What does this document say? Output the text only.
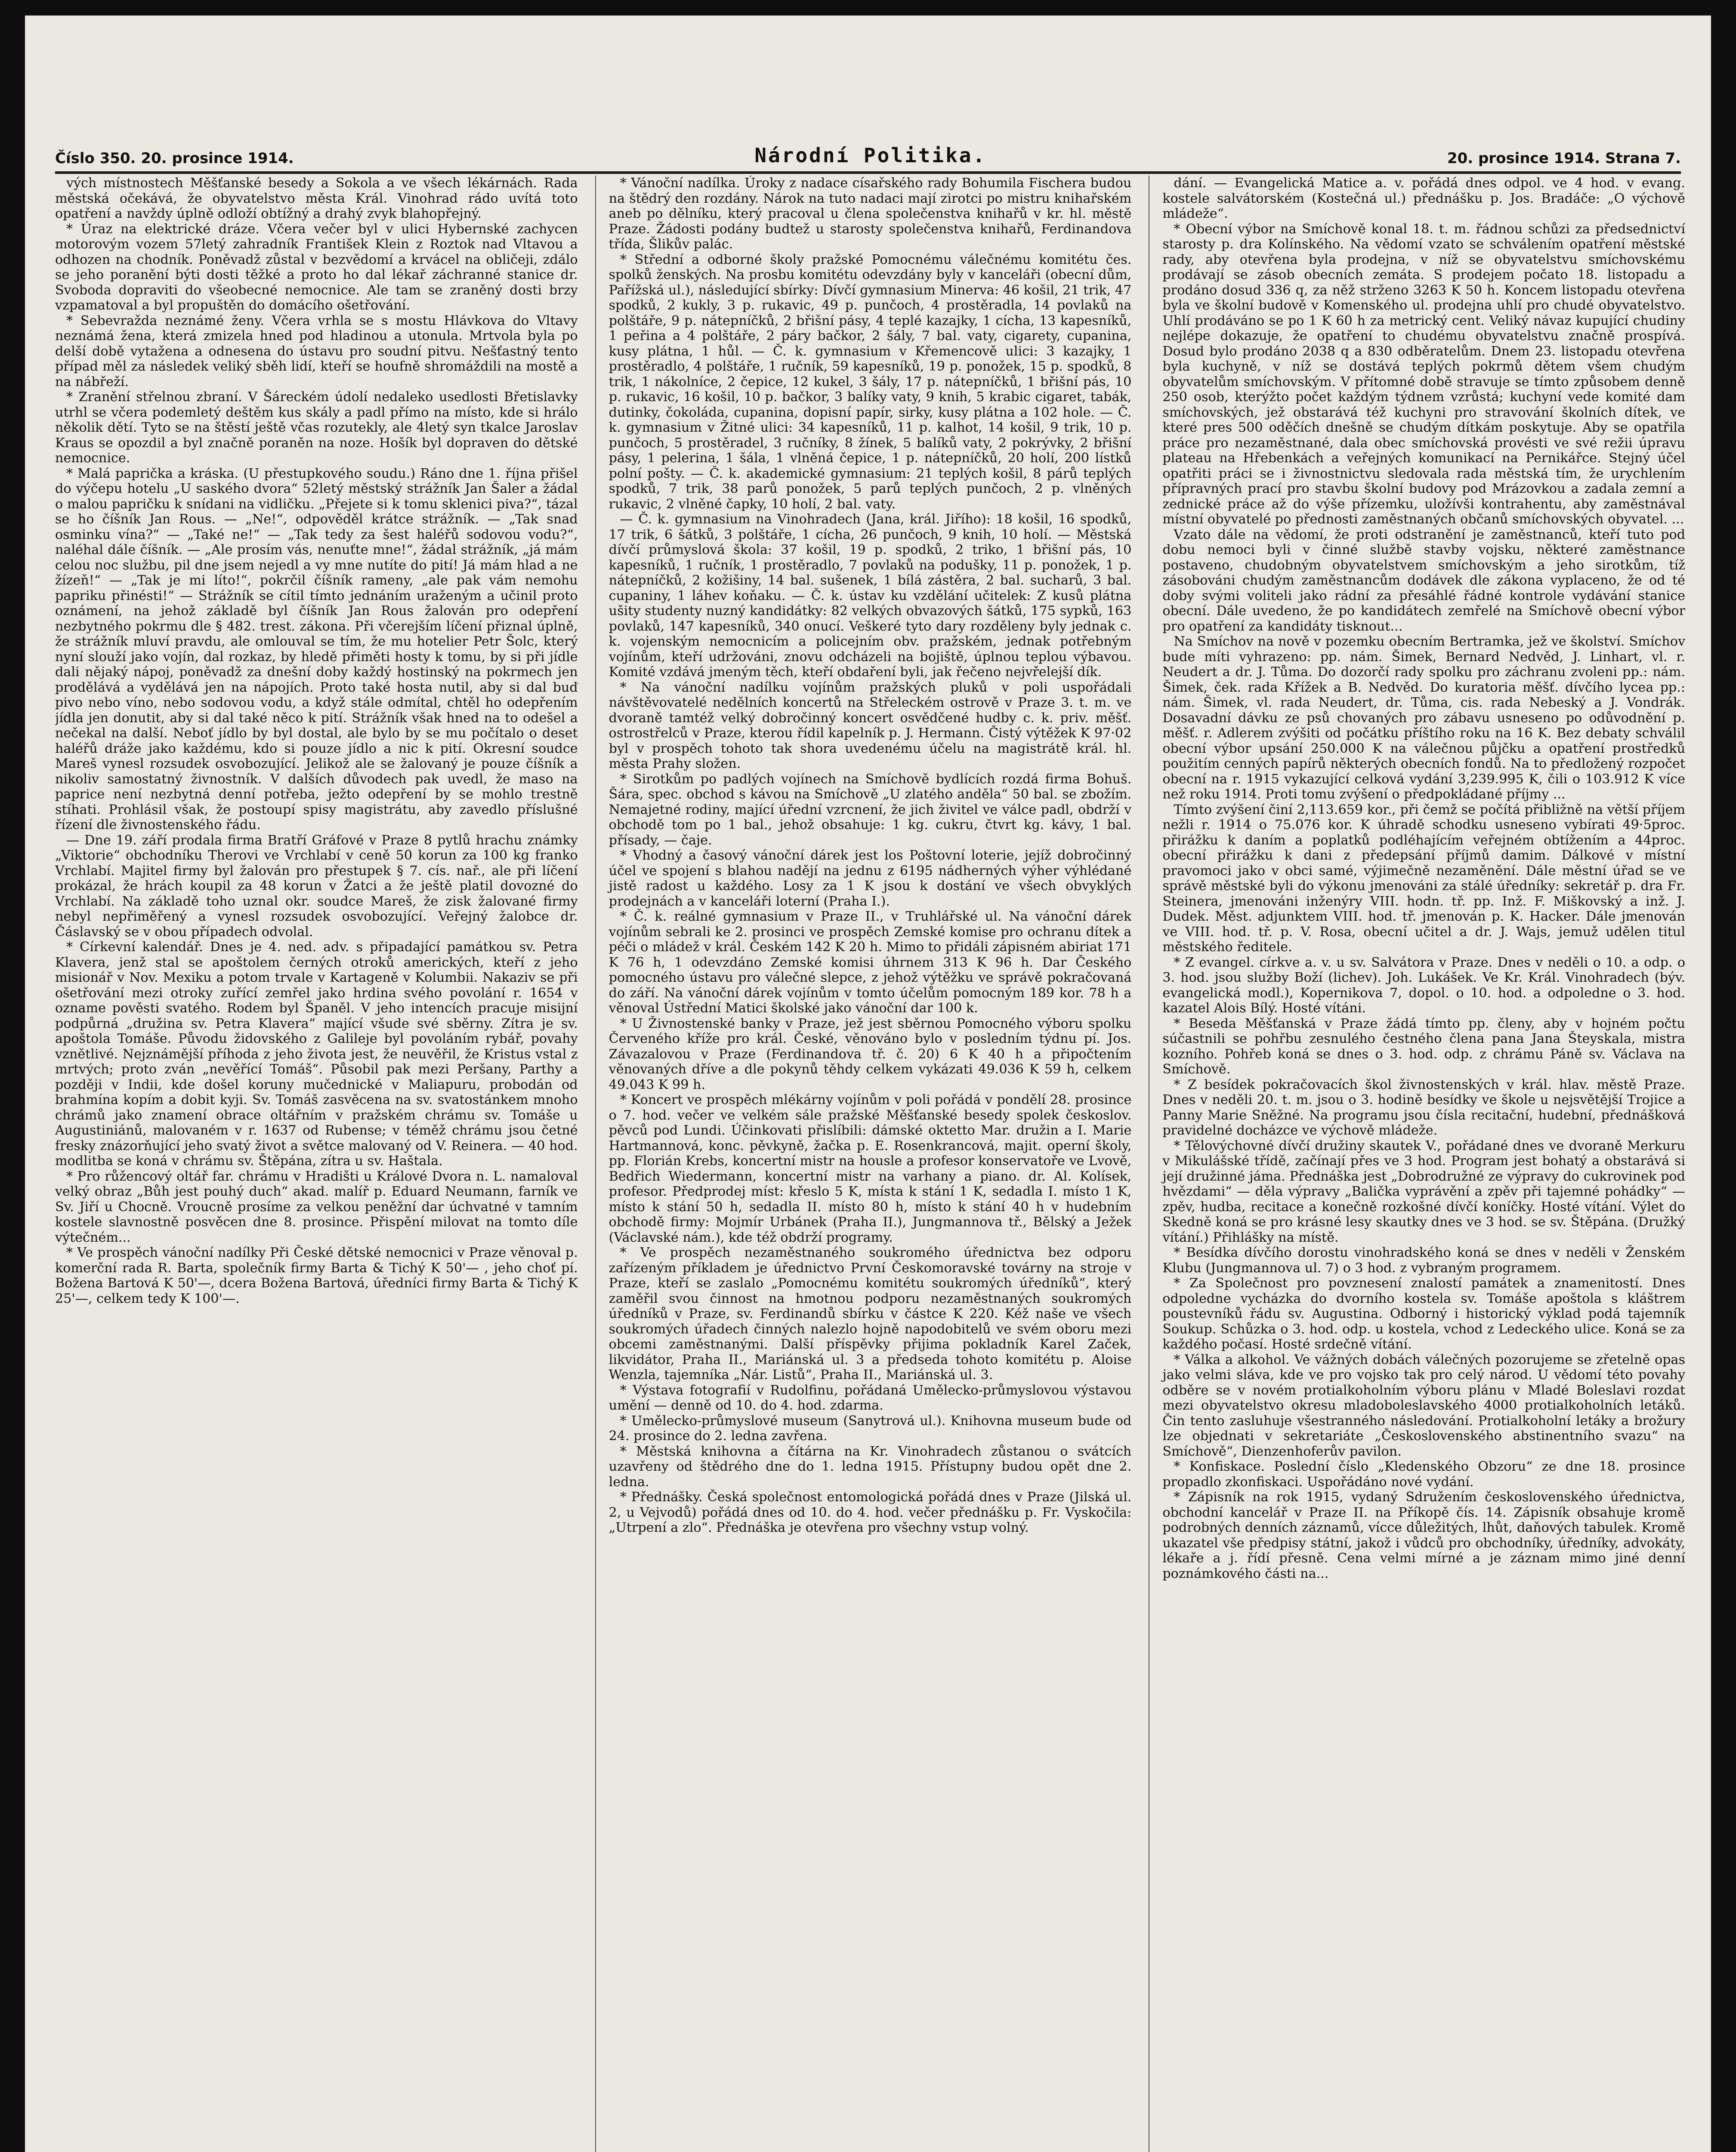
Číslo 350. 20. prosince 1914.	Národní Politika.	20. prosince 1914. Strana 7.

vých místnostech Měšťanské besedy a Sokola a ve všech lékárnách. Rada městská očekává, že obyvatelstvo města Král. Vinohrad rádo uvítá toto opatření a navždy úplně odloží obtížný a drahý zvyk blahopřejný.

* Úraz na elektrické dráze. Včera večer byl v ulici Hybernské zachycen motorovým vozem 57letý zahradník František Klein z Roztok nad Vltavou a odhozen na chodník. Poněvadž zůstal v bezvědomí a krvácel na obličeji, zdálo se jeho poranění býti dosti těžké a proto ho dal lékař záchranné stanice dr. Svoboda dopraviti do všeobecné nemocnice. Ale tam se zraněný dosti brzy vzpamatoval a byl propuštěn do domácího ošetřování.

* Sebevražda neznámé ženy. Včera vrhla se s mostu Hlávkova do Vltavy neznámá žena, která zmizela hned pod hladinou a utonula. Mrtvola byla po delší době vytažena a odnesena do ústavu pro soudní pitvu. Nešťastný tento případ měl za následek veliký sběh lidí, kteří se houfně shromáždili na mostě a na nábřeží.

* Zranění střelnou zbraní. V Šáreckém údolí nedaleko usedlosti Břetislavky utrhl se včera podemletý deštěm kus skály a padl přímo na místo, kde si hrálo několik dětí. Tyto se na štěstí ještě včas rozutekly, ale 4letý syn tkalce Jaroslav Kraus se opozdil a byl značně poraněn na noze. Hošík byl dopraven do dětské nemocnice.

* Malá paprička a kráska. (U přestupkového soudu.) Ráno dne 1. října přišel do výčepu hotelu „U saského dvora“ 52letý městský strážník Jan Šaler a žádal o malou papričku k snídani na vidličku. „Přejete si k tomu sklenici piva?“, tázal se ho číšník Jan Rous. — „Ne!“, odpověděl krátce strážník. — „Tak snad osminku vína?“ — „Také ne!“ — „Tak tedy za šest haléřů sodovou vodu?“, naléhal dále číšník. — „Ale prosím vás, nenuťte mne!“, žádal strážník, „já mám celou noc službu, pil dne jsem nejedl a vy mne nutíte do pití! Já mám hlad a ne žízeň!“ — „Tak je mi líto!“, pokrčil číšník rameny, „ale pak vám nemohu papriku přinésti!“ — Strážník se cítil tímto jednáním uraženým a učinil proto oznámení, na jehož základě byl číšník Jan Rous žalován pro odepření nezbytného pokrmu dle § 482. trest. zákona. Při včerejším líčení přiznal úplně, že strážník mluví pravdu, ale omlouval se tím, že mu hotelier Petr Šolc, který nyní slouží jako vojín, dal rozkaz, by hledě přiměti hosty k tomu, by si při jídle dali nějaký nápoj, poněvadž za dnešní doby každý hostinský na pokrmech jen prodělává a vydělává jen na nápojích. Proto také hosta nutil, aby si dal buď pivo nebo víno, nebo sodovou vodu, a když stále odmítal, chtěl ho odepřením jídla jen donutit, aby si dal také něco k pití. Strážník však hned na to odešel a nečekal na další. Neboť jídlo by byl dostal, ale bylo by se mu počítalo o deset haléřů dráže jako každému, kdo si pouze jídlo a nic k pití. Okresní soudce Mareš vynesl rozsudek osvobozující. Jelikož ale se žalovaný je pouze číšník a nikoliv samostatný živnostník. V dalších důvodech pak uvedl, že maso na paprice není nezbytná denní potřeba, ježto odepření by se mohlo trestně stíhati. Prohlásil však, že postoupí spisy magistrátu, aby zavedlo příslušné řízení dle živnostenského řádu.

— Dne 19. září prodala firma Bratří Gráfové v Praze 8 pytlů hrachu známky „Viktorie“ obchodníku Therovi ve Vrchlabí v ceně 50 korun za 100 kg franko Vrchlabí. Majitel firmy byl žalován pro přestupek § 7. cís. nař., ale při líčení prokázal, že hrách koupil za 48 korun v Žatci a že ještě platil dovozné do Vrchlabí. Na základě toho uznal okr. soudce Mareš, že zisk žalované firmy nebyl nepřiměřený a vynesl rozsudek osvobozující. Veřejný žalobce dr. Čáslavský se v obou případech odvolal.

* Církevní kalendář. Dnes je 4. ned. adv. s připadající památkou sv. Petra Klavera, jenž stal se apoštolem černých otroků amerických, kteří z jeho misionář v Nov. Mexiku a potom trvale v Kartageně v Kolumbii. Nakaziv se při ošetřování mezi otroky zuřící zemřel jako hrdina svého povolání r. 1654 v ozname pověsti svatého. Rodem byl Španěl. V jeho intencích pracuje misijní podpůrná „družina sv. Petra Klavera“ mající všude své sběrny. Zítra je sv. apoštola Tomáše. Původu židovského z Galileje byl povoláním rybář, povahy vznětlivé. Nejznámější příhoda z jeho života jest, že neuvěřil, že Kristus vstal z mrtvých; proto zván „nevěřící Tomáš“. Působil pak mezi Peršany, Parthy a později v Indii, kde došel koruny mučednické v Maliapuru, probodán od brahmína kopím a dobit kyji. Sv. Tomáš zasvěcena na sv. svatostánkem mnoho chrámů jako znamení obrace oltářním v pražském chrámu sv. Tomáše u Augustiniánů, malovaném v r. 1637 od Rubense; v téměž chrámu jsou četné fresky znázorňující jeho svatý život a světce malovaný od V. Reinera. — 40 hod. modlitba se koná v chrámu sv. Štěpána, zítra u sv. Haštala.

* Pro růžencový oltář far. chrámu v Hradišti u Králové Dvora n. L. namaloval velký obraz „Bůh jest pouhý duch“ akad. malíř p. Eduard Neumann, farník ve Sv. Jiří u Chocně. Vroucně prosíme za velkou peněžní dar úchvatné v tamním kostele slavnostně posvěcen dne 8. prosince. Přispění milovat na tomto díle výtečném...

* Ve prospěch vánoční nadílky Při České dětské nemocnici v Praze věnoval p. komerční rada R. Barta, společník firmy Barta & Tichý K 50'— , jeho choť pí. Božena Bartová K 50'—, dcera Božena Bartová, úředníci firmy Barta & Tichý K 25'—, celkem tedy K 100'—.

* Vánoční nadílka. Úroky z nadace císařského rady Bohumila Fischera budou na štědrý den rozdány. Nárok na tuto nadaci mají zirotci po mistru knihařském aneb po dělníku, který pracoval u člena společenstva knihařů v kr. hl. městě Praze. Žádosti podány budtež u starosty společenstva knihařů, Ferdinandova třída, Šlikův palác.

* Střední a odborné školy pražské Pomocnému válečnému komitétu čes. spolků ženských. Na prosbu komitétu odevzdány byly v kanceláři (obecní dům, Pařížská ul.), následující sbírky: Dívčí gymnasium Minerva: 46 košil, 21 trik, 47 spodků, 2 kukly, 3 p. rukavic, 49 p. punčoch, 4 prostěradla, 14 povlaků na polštáře, 9 p. nátepníčků, 2 břišní pásy, 4 teplé kazajky, 1 cícha, 13 kapesníků, 1 peřina a 4 polštáře, 2 páry bačkor, 2 šály, 7 bal. vaty, cigarety, cupanina, kusy plátna, 1 hůl. — Č. k. gymnasium v Křemencově ulici: 3 kazajky, 1 prostěradlo, 4 polštáře, 1 ručník, 59 kapesníků, 19 p. ponožek, 15 p. spodků, 8 trik, 1 nákolníce, 2 čepice, 12 kukel, 3 šály, 17 p. nátepníčků, 1 břišní pás, 10 p. rukavic, 16 košil, 10 p. bačkor, 3 balíky vaty, 9 knih, 5 krabic cigaret, tabák, dutinky, čokoláda, cupanina, dopisní papír, sirky, kusy plátna a 102 hole. — Č. k. gymnasium v Žitné ulici: 34 kapesníků, 11 p. kalhot, 14 košil, 9 trik, 10 p. punčoch, 5 prostěradel, 3 ručníky, 8 žínek, 5 balíků vaty, 2 pokrývky, 2 břišní pásy, 1 pelerina, 1 šála, 1 vlněná čepice, 1 p. nátepníčků, 20 holí, 200 lístků polní pošty. — Č. k. akademické gymnasium: 21 teplých košil, 8 párů teplých spodků, 7 trik, 38 parů ponožek, 5 parů teplých punčoch, 2 p. vlněných rukavic, 2 vlněné čapky, 10 holí, 2 bal. vaty.

— Č. k. gymnasium na Vinohradech (Jana, král. Jiřího): 18 košil, 16 spodků, 17 trik, 6 šátků, 3 polštáře, 1 cícha, 26 punčoch, 9 knih, 10 holí. — Městská dívčí průmyslová škola: 37 košil, 19 p. spodků, 2 triko, 1 břišní pás, 10 kapesníků, 1 ručník, 1 prostěradlo, 7 povlaků na podušky, 11 p. ponožek, 1 p. nátepníčků, 2 kožišiny, 14 bal. sušenek, 1 bílá zástěra, 2 bal. sucharů, 3 bal. cupaniny, 1 láhev koňaku. — Č. k. ústav ku vzdělání učitelek: Z kusů plátna ušity studenty nuzný kandidátky: 82 velkých obvazových šátků, 175 sypků, 163 povlaků, 147 kapesníků, 340 onucí. Veškeré tyto dary rozděleny byly jednak c. k. vojenským nemocnicím a policejním obv. pražském, jednak potřebným vojínům, kteří udržováni, znovu odcházeli na bojiště, úplnou teplou výbavou. Komité vzdává jmeným těch, kteří obdaření byli, jak řečeno nejvřelejší dík.

* Na vánoční nadílku vojínům pražských pluků v poli uspořádali návštěvovatelé nedělních koncertů na Střeleckém ostrově v Praze 3. t. m. ve dvoraně tamtéž velký dobročinný koncert osvědčené hudby c. k. priv. měšť. ostrostřelců v Praze, kterou řídil kapelník p. J. Hermann. Čistý výtěžek K 97·02 byl v prospěch tohoto tak shora uvedenému účelu na magistrátě král. hl. města Prahy složen.

* Sirotkům po padlých vojínech na Smíchově bydlících rozdá firma Bohuš. Šára, spec. obchod s kávou na Smíchově „U zlatého anděla“ 50 bal. se zbožím. Nemajetné rodiny, mající úřední vzrcnení, že jich živitel ve válce padl, obdrží v obchodě tom po 1 bal., jehož obsahuje: 1 kg. cukru, čtvrt kg. kávy, 1 bal. přísady, — čaje.

* Vhodný a časový vánoční dárek jest los Poštovní loterie, jejíž dobročinný účel ve spojení s blahou nadějí na jednu z 6195 nádherných výher výhlédané jistě radost u každého. Losy za 1 K jsou k dostání ve všech obvyklých prodejnách a v kanceláři loterní (Praha I.).

* Č. k. reálné gymnasium v Praze II., v Truhlářské ul. Na vánoční dárek vojínům sebrali ke 2. prosinci ve prospěch Zemské komise pro ochranu dítek a péči o mládež v král. Českém 142 K 20 h. Mimo to přidáli zápisném abiriat 171 K 76 h, 1 odevzdáno Zemské komisi úhrnem 313 K 96 h. Dar Českého pomocného ústavu pro válečné slepce, z jehož výtěžku ve správě pokračovaná do září. Na vánoční dárek vojínům v tomto účelům pomocným 189 kor. 78 h a věnoval Ústřední Matici školské jako vánoční dar 100 k.

* U Živnostenské banky v Praze, jež jest sběrnou Pomocného výboru spolku Červeného kříže pro král. České, věnováno bylo v posledním týdnu pí. Jos. Závazalovou v Praze (Ferdinandova tř. č. 20) 6 K 40 h a připočtením věnovaných dříve a dle pokynů těhdy celkem vykázati 49.036 K 59 h, celkem 49.043 K 99 h.

* Koncert ve prospěch mlékárny vojínům v poli pořádá v pondělí 28. prosince o 7. hod. večer ve velkém sále pražské Měšťanské besedy spolek českoslov. pěvců pod Lundi. Účinkovati přislíbili: dámské oktetto Mar. družin a I. Marie Hartmannová, konc. pěvkyně, žačka p. E. Rosenkrancová, majit. operní školy, pp. Florián Krebs, koncertní mistr na housle a profesor konservatoře ve Lvově, Bedřich Wiedermann, koncertní mistr na varhany a piano. dr. Al. Kolísek, profesor. Předprodej míst: křeslo 5 K, místa k stání 1 K, sedadla I. místo 1 K, místo k stání 50 h, sedadla II. místo 80 h, místo k stání 40 h v hudebním obchodě firmy: Mojmír Urbánek (Praha II.), Jungmannova tř., Bělský a Ježek (Václavské nám.), kde též obdrží programy.

* Ve prospěch nezaměstnaného soukromého úřednictva bez odporu zařízeným příkladem je úřednictvo První Českomoravské továrny na stroje v Praze, kteří se zaslalo „Pomocnému komitétu soukromých úředníků“, který zaměřil svou činnost na hmotnou podporu nezaměstnaných soukromých úředníků v Praze, sv. Ferdinandů sbírku v částce K 220. Kéž naše ve všech soukromých úřadech činných nalezlo hojně napodobitelů ve svém oboru mezi obcemi zaměstnanými. Další příspěvky přijima pokladník Karel Začek, likvidátor, Praha II., Mariánská ul. 3 a předseda tohoto komitétu p. Aloise Wenzla, tajemníka „Nár. Listů“, Praha II., Mariánská ul. 3.

* Výstava fotografií v Rudolfinu, pořádaná Umělecko-průmyslovou výstavou umění — denně od 10. do 4. hod. zdarma.

* Umělecko-průmyslové museum (Sanytrová ul.). Knihovna museum bude od 24. prosince do 2. ledna zavřena.

* Městská knihovna a čítárna na Kr. Vinohradech zůstanou o svátcích uzavřeny od štědrého dne do 1. ledna 1915. Přístupny budou opět dne 2. ledna.

* Přednášky. Česká společnost entomologická pořádá dnes v Praze (Jilská ul. 2, u Vejvodů) pořádá dnes od 10. do 4. hod. večer přednášku p. Fr. Vyskočila: „Utrpení a zlo“. Přednáška je otevřena pro všechny vstup volný.

dání. — Evangelická Matice a. v. pořádá dnes odpol. ve 4 hod. v evang. kostele salvátorském (Kostečná ul.) přednášku p. Jos. Bradáče: „O výchově mládeže“.

* Obecní výbor na Smíchově konal 18. t. m. řádnou schůzi za předsednictví starosty p. dra Kolínského. Na vědomí vzato se schválením opatření městské rady, aby otevřena byla prodejna, v níž se obyvatelstvu smíchovskému prodávají se zásob obecních zemáta. S prodejem počato 18. listopadu a prodáno dosud 336 q, za něž strženo 3263 K 50 h. Koncem listopadu otevřena byla ve školní budově v Komenského ul. prodejna uhlí pro chudé obyvatelstvo. Uhlí prodáváno se po 1 K 60 h za metrický cent. Veliký návaz kupující chudiny nejlépe dokazuje, že opatření to chudému obyvatelstvu značně prospívá. Dosud bylo prodáno 2038 q a 830 odběratelům. Dnem 23. listopadu otevřena byla kuchyně, v níž se dostává teplých pokrmů dětem všem chudým obyvatelům smíchovským. V přítomné době stravuje se tímto způsobem denně 250 osob, kterýžto počet každým týdnem vzrůstá; kuchyní vede komité dam smíchovských, jež obstarává též kuchyni pro stravování školních dítek, ve které pres 500 oděčích dnešně se chudým dítkám poskytuje. Aby se opatřila práce pro nezaměstnané, dala obec smíchovská provésti ve své režii úpravu plateau na Hřebenkách a veřejných komunikací na Pernikářce. Stejný účel opatřiti práci se i živnostnictvu sledovala rada městská tím, že urychlením přípravných prací pro stavbu školní budovy pod Mrázovkou a zadala zemní a zednické práce až do výše přízemku, uložívši kontrahentu, aby zaměstnával místní obyvatelé po přednosti zaměstnaných občanů smíchovských obyvatel. ...

Vzato dále na vědomí, že proti odstranění je zaměstnanců, kteří tuto pod dobu nemoci byli v činné službě stavby vojsku, některé zaměstnance postaveno, chudobným obyvatelstvem smíchovským a jeho sirotkům, tíž zásobováni chudým zaměstnancům dodávek dle zákona vyplaceno, že od té doby svými voliteli jako rádní za přesáhlé řádné kontrole vydávání stanice obecní. Dále uvedeno, že po kandidátech zemřelé na Smíchově obecní výbor pro opatření za kandidáty tisknout...

Na Smíchov na nově v pozemku obecním Bertramka, jež ve školství. Smíchov bude míti vyhrazeno: pp. nám. Šimek, Bernard Nedvěd, J. Linhart, vl. r. Neudert a dr. J. Tůma. Do dozorčí rady spolku pro záchranu zvoleni pp.: nám. Šimek, ček. rada Křížek a B. Nedvěd. Do kuratoria měšť. dívčího lycea pp.: nám. Šimek, vl. rada Neudert, dr. Tůma, cis. rada Nebeský a J. Vondrák. Dosavadní dávku ze psů chovaných pro zábavu usneseno po odůvodnění p. měšť. r. Adlerem zvýšiti od počátku příštího roku na 16 K. Bez debaty schválil obecní výbor upsání 250.000 K na válečnou půjčku a opatření prostředků použitím cenných papírů některých obecních fondů. Na to předložený rozpočet obecní na r. 1915 vykazující celková vydání 3,239.995 K, čili o 103.912 K více než roku 1914. Proti tomu zvýšení o předpokládané příjmy ...

Tímto zvýšení činí 2,113.659 kor., při čemž se počítá přibližně na větší příjem nežli r. 1914 o 75.076 kor. K úhradě schodku usneseno vybírati 49·5proc. přirážku k daním a poplatků podléhajícím veřejném obtížením a 44proc. obecní přirážku k dani z předepsání příjmů damim. Dálkové v místní pravomoci jako v obci samé, výjimečně nezaměnění. Dále městní úřad se ve správě městské byli do výkonu jmenováni za stálé úředníky: sekretář p. dra Fr. Steinera, jmenováni inženýry VIII. hodn. tř. pp. Inž. F. Miškovský a inž. J. Dudek. Měst. adjunktem VIII. hod. tř. jmenován p. K. Hacker. Dále jmenován ve VIII. hod. tř. p. V. Rosa, obecní učitel a dr. J. Wajs, jemuž udělen titul městského ředitele.

* Z evangel. církve a. v. u sv. Salvátora v Praze. Dnes v neděli o 10. a odp. o 3. hod. jsou služby Boží (lichev). Joh. Lukášek. Ve Kr. Král. Vinohradech (býv. evangelická modl.), Kopernikova 7, dopol. o 10. hod. a odpoledne o 3. hod. kazatel Alois Bílý. Hosté vítáni.

* Beseda Měšťanská v Praze žádá tímto pp. členy, aby v hojném počtu súčastnili se pohřbu zesnulého čestného člena pana Jana Šteyskala, mistra kozního. Pohřeb koná se dnes o 3. hod. odp. z chrámu Páně sv. Václava na Smíchově.

* Z besídek pokračovacích škol živnostenských v král. hlav. městě Praze. Dnes v neděli 20. t. m. jsou o 3. hodině besídky ve škole u nejsvětější Trojice a Panny Marie Sněžné. Na programu jsou čísla recitační, hudební, přednášková pravidelné docházce ve výchově mládeže.

* Tělovýchovné dívčí družiny skautek V., pořádané dnes ve dvoraně Merkuru v Mikulášské třídě, začínají přes ve 3 hod. Program jest bohatý a obstarává si její družinné jáma. Přednáška jest „Dobrodružné ze výpravy do cukrovinek pod hvězdami“ — děla výpravy „Balička vyprávění a zpěv při tajemné pohádky“ — zpěv, hudba, recitace a konečně rozkošné dívčí koníčky. Hosté vítání. Výlet do Skedně koná se pro krásné lesy skautky dnes ve 3 hod. se sv. Štěpána. (Družký vítání.) Přihlášky na místě.

* Besídka dívčího dorostu vinohradského koná se dnes v neděli v Ženském Klubu (Jungmannova ul. 7) o 3 hod. z vybraným programem.

* Za Společnost pro povznesení znalostí památek a znamenitostí. Dnes odpoledne vycházka do dvorního kostela sv. Tomáše apoštola s kláštrem poustevníků řádu sv. Augustina. Odborný i historický výklad podá tajemník Soukup. Schůzka o 3. hod. odp. u kostela, vchod z Ledeckého ulice. Koná se za každého počasí. Hosté srdečně vítání.

* Válka a alkohol. Ve vážných dobách válečných pozorujeme se zřetelně opas jako velmi sláva, kde ve pro vojsko tak pro celý národ. U vědomí této povahy odběre se v novém protialkoholním výboru plánu v Mladé Boleslavi rozdat mezi obyvatelstvo okresu mladoboleslavského 4000 protialkoholních letáků. Čin tento zasluhuje všestranného následování. Protialkoholní letáky a brožury lze objednati v sekretariáte „Československého abstinentního svazu“ na Smíchově“, Dienzenhoferův pavilon.

* Konfiskace. Poslední číslo „Kledenského Obzoru“ ze dne 18. prosince propadlo zkonfiskaci. Uspořádáno nové vydání.

* Zápisník na rok 1915, vydaný Sdružením československého úřednictva, obchodní kancelář v Praze II. na Příkopě čís. 14. Zápisník obsahuje kromě podrobných denních záznamů, vícce důležitých, lhůt, daňových tabulek. Kromě ukazatel vše předpisy státní, jakož i vůdců pro obchodníky, úředníky, advokáty, lékaře a j. řídí přesně. Cena velmi mírné a je záznam mimo jiné denní poznámkového části na...
